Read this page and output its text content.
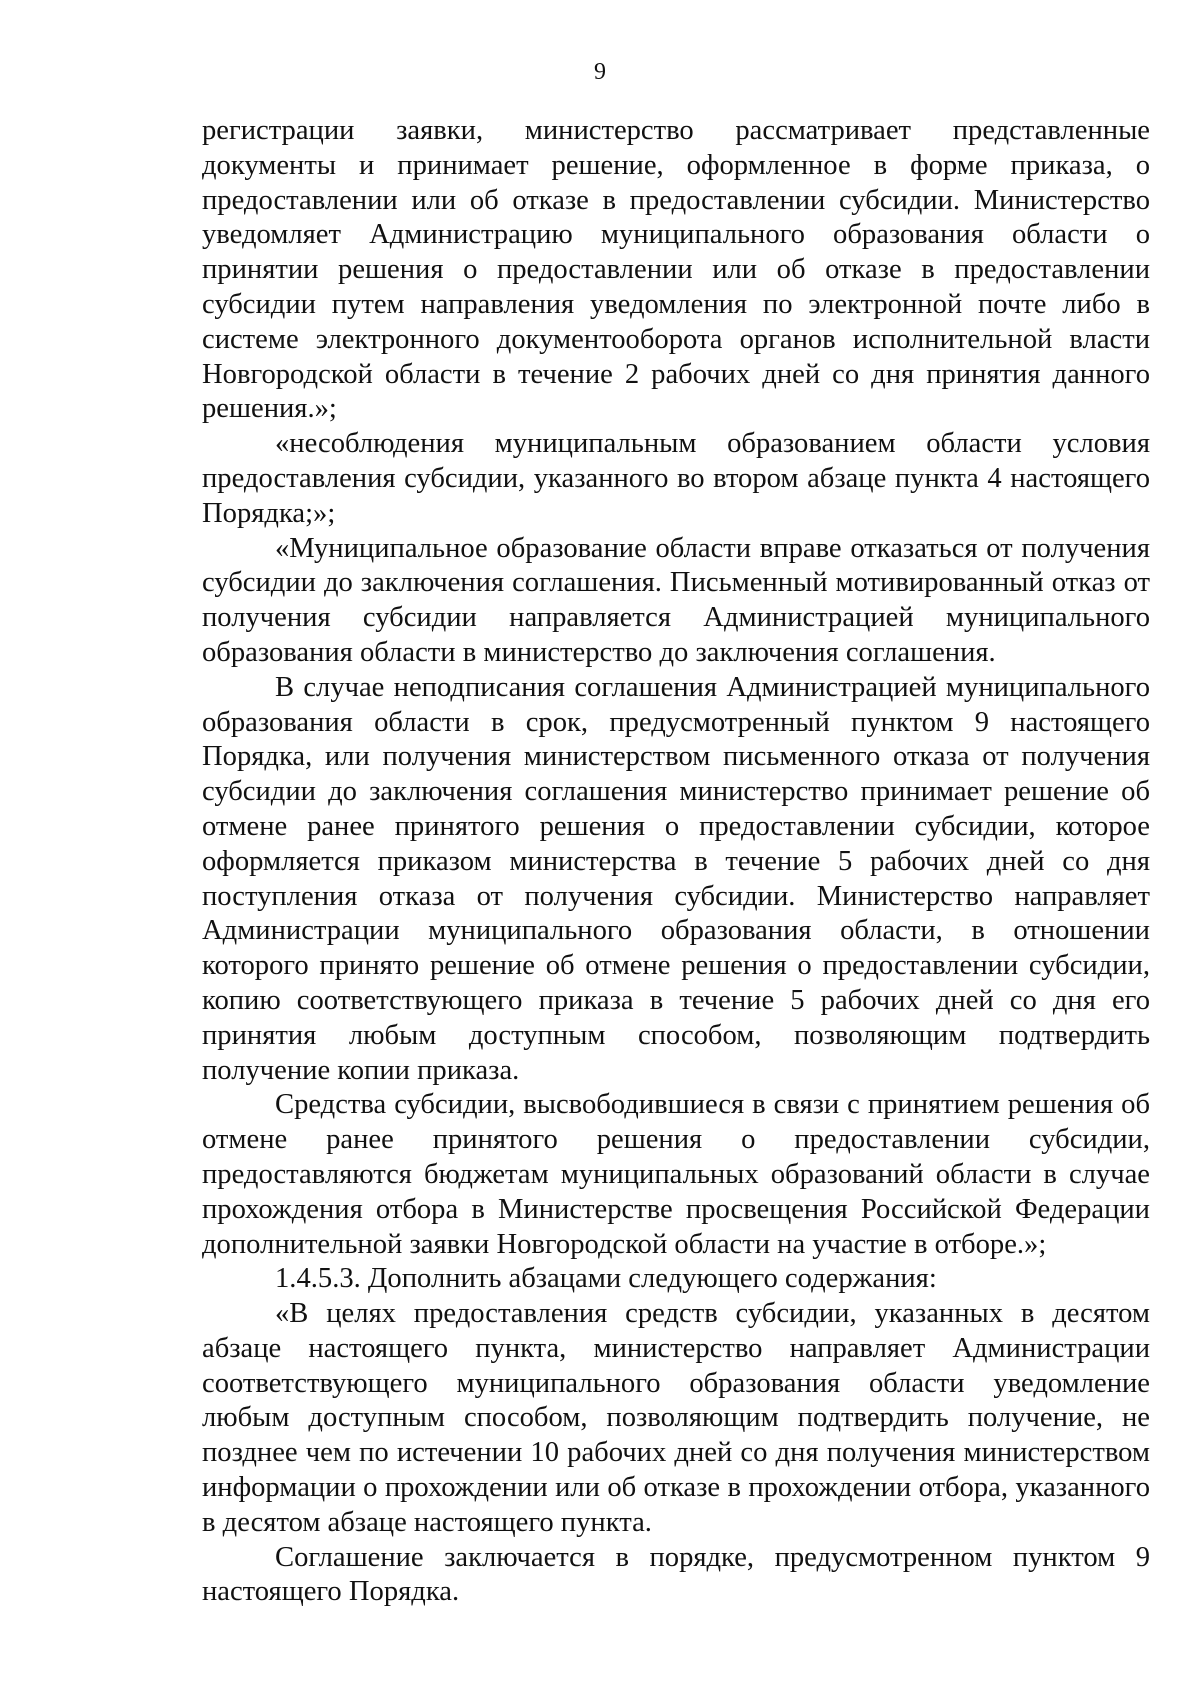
9

регистрации заявки, министерство рассматривает представленные документы и принимает решение, оформленное в форме приказа, о предоставлении или об отказе в предоставлении субсидии. Министерство уведомляет Администрацию муниципального образования области о принятии решения о предоставлении или об отказе в предоставлении субсидии путем направления уведомления по электронной почте либо в системе электронного документооборота органов исполнительной власти Новгородской области в течение 2 рабочих дней со дня принятия данного решения.»;

«несоблюдения муниципальным образованием области условия предоставления субсидии, указанного во втором абзаце пункта 4 настоящего Порядка;»;

«Муниципальное образование области вправе отказаться от получения субсидии до заключения соглашения. Письменный мотивированный отказ от получения субсидии направляется Администрацией муниципального образования области в министерство до заключения соглашения.

В случае неподписания соглашения Администрацией муниципального образования области в срок, предусмотренный пунктом 9 настоящего Порядка, или получения министерством письменного отказа от получения субсидии до заключения соглашения министерство принимает решение об отмене ранее принятого решения о предоставлении субсидии, которое оформляется приказом министерства в течение 5 рабочих дней со дня поступления отказа от получения субсидии. Министерство направляет Администрации муниципального образования области, в отношении которого принято решение об отмене решения о предоставлении субсидии, копию соответствующего приказа в течение 5 рабочих дней со дня его принятия любым доступным способом, позволяющим подтвердить получение копии приказа.

Средства субсидии, высвободившиеся в связи с принятием решения об отмене ранее принятого решения о предоставлении субсидии, предоставляются бюджетам муниципальных образований области в случае прохождения отбора в Министерстве просвещения Российской Федерации дополнительной заявки Новгородской области на участие в отборе.»;

1.4.5.3. Дополнить абзацами следующего содержания:

«В целях предоставления средств субсидии, указанных в десятом абзаце настоящего пункта, министерство направляет Администрации соответствующего муниципального образования области уведомление любым доступным способом, позволяющим подтвердить получение, не позднее чем по истечении 10 рабочих дней со дня получения министерством информации о прохождении или об отказе в прохождении отбора, указанного в десятом абзаце настоящего пункта.

Соглашение заключается в порядке, предусмотренном пунктом 9 настоящего Порядка.
